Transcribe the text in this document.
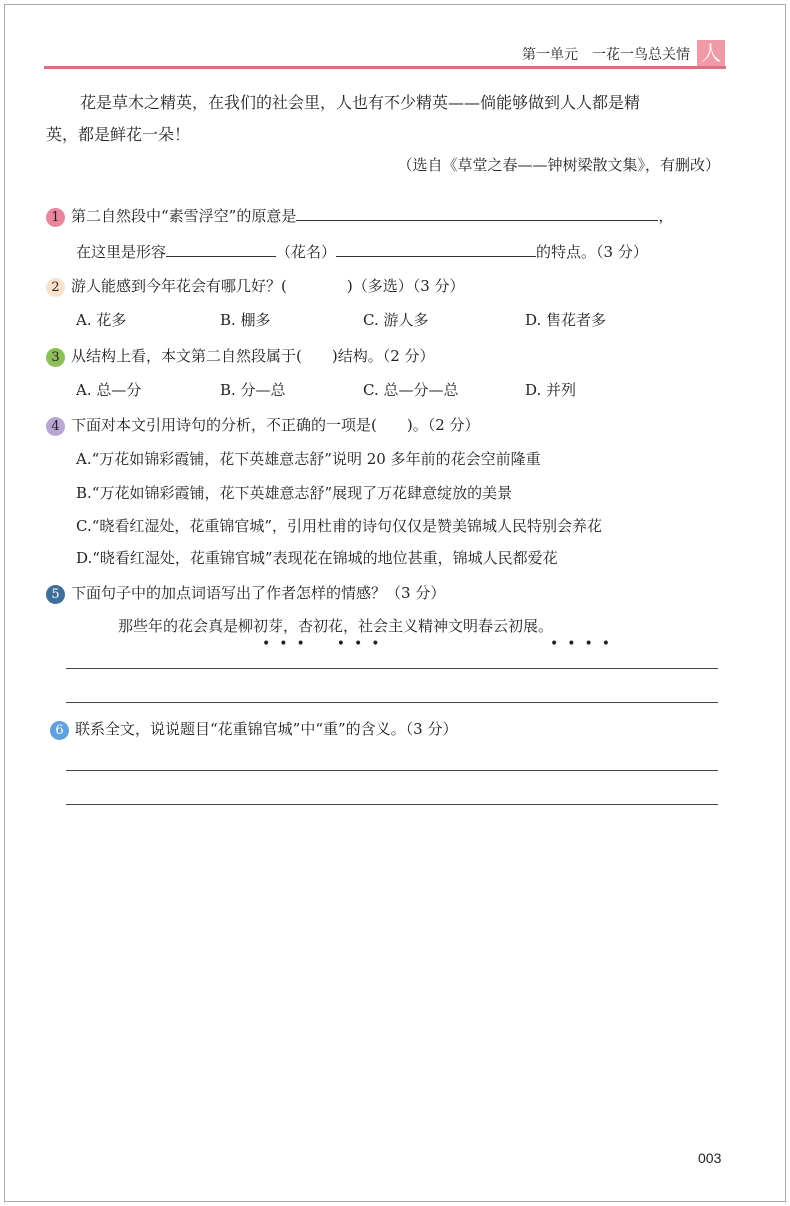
第一单元　一花一鸟总关情 人
花是草木之精英，在我们的社会里，人也有不少精英——倘能够做到人人都是精
英，都是鲜花一朵！
（选自《草堂之春——钟树梁散文集》，有删改）
1 第二自然段中“素雪浮空”的原意是	，
在这里是形容	（花名）	的特点。（3 分）
2 游人能感到今年花会有哪几好？(　　　　)（多选）（3 分）
A. 花多	B. 棚多	C. 游人多	D. 售花者多
3 从结构上看，本文第二自然段属于(　　)结构。（2 分）
A. 总—分	B. 分—总	C. 总—分—总	D. 并列
4 下面对本文引用诗句的分析，不正确的一项是(　　)。（2 分）
A.“万花如锦彩霞铺，花下英雄意志舒”说明 20 多年前的花会空前隆重
B.“万花如锦彩霞铺，花下英雄意志舒”展现了万花肆意绽放的美景
C.“晓看红湿处，花重锦官城”，引用杜甫的诗句仅仅是赞美锦城人民特别会养花
D.“晓看红湿处，花重锦官城”表现花在锦城的地位甚重，锦城人民都爱花
5 下面句子中的加点词语写出了作者怎样的情感？（3 分）
那些年的花会真是柳初芽，杏初花，社会主义精神文明春云初展。
•••　•••	••••
6 联系全文，说说题目“花重锦官城”中“重”的含义。（3 分）
003
